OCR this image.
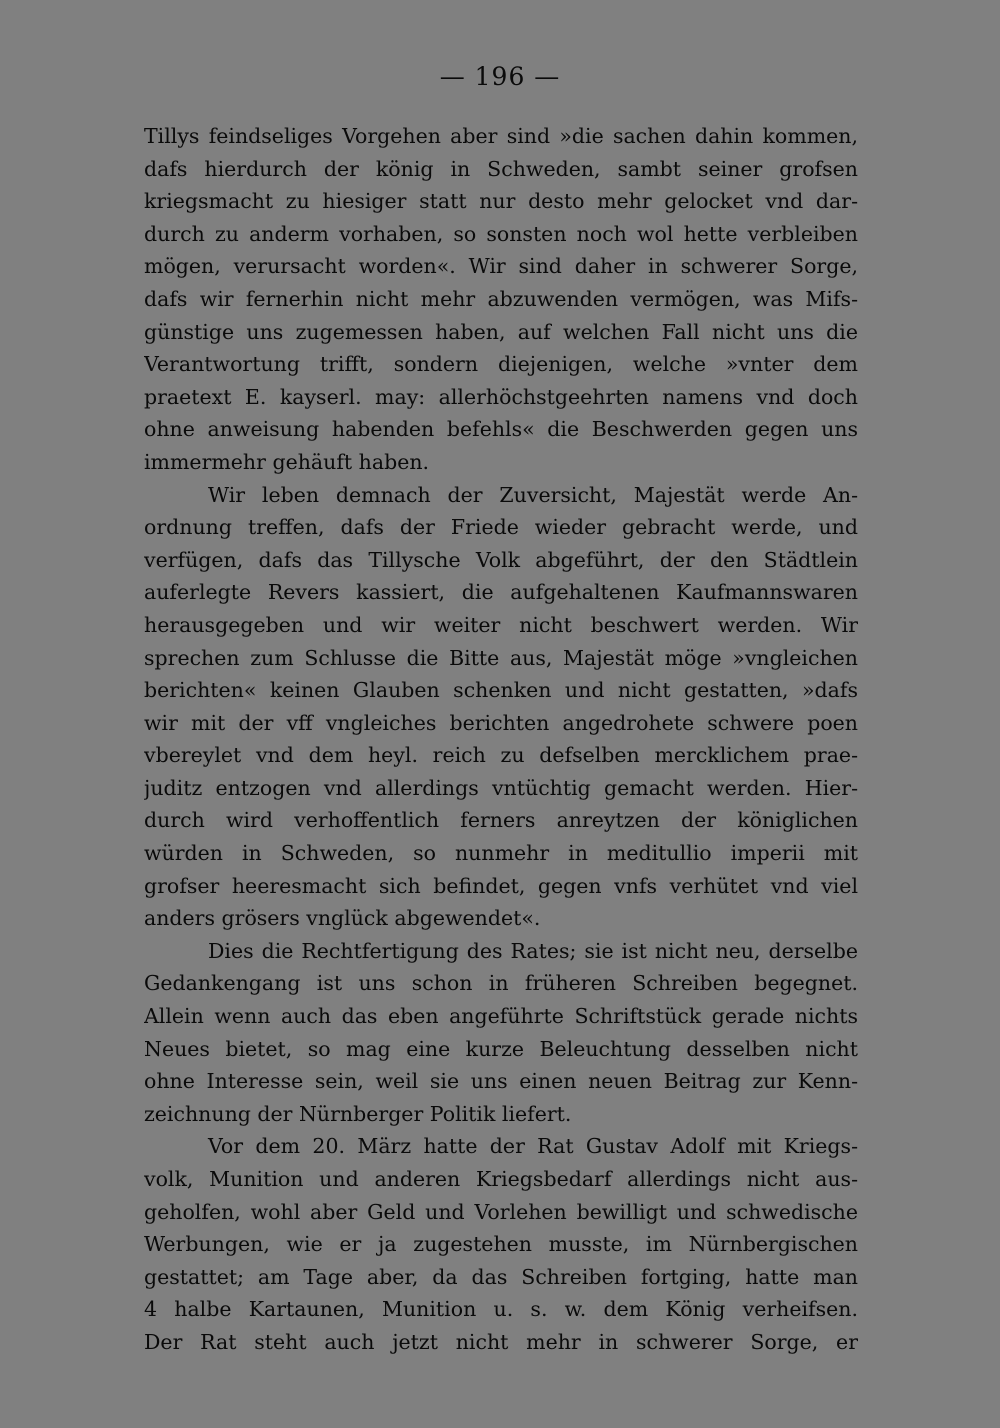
— 196 —
Tillys feindseliges Vorgehen aber sind »die sachen dahin kommen,
dafs hierdurch der könig in Schweden, sambt seiner grofsen
kriegsmacht zu hiesiger statt nur desto mehr gelocket vnd dar-
durch zu anderm vorhaben, so sonsten noch wol hette verbleiben
mögen, verursacht worden«. Wir sind daher in schwerer Sorge,
dafs wir fernerhin nicht mehr abzuwenden vermögen, was Mifs-
günstige uns zugemessen haben, auf welchen Fall nicht uns die
Verantwortung trifft, sondern diejenigen, welche »vnter dem
praetext E. kayserl. may: allerhöchstgeehrten namens vnd doch
ohne anweisung habenden befehls« die Beschwerden gegen uns
immermehr gehäuft haben.
Wir leben demnach der Zuversicht, Majestät werde An-
ordnung treffen, dafs der Friede wieder gebracht werde, und
verfügen, dafs das Tillysche Volk abgeführt, der den Städtlein
auferlegte Revers kassiert, die aufgehaltenen Kaufmannswaren
herausgegeben und wir weiter nicht beschwert werden. Wir
sprechen zum Schlusse die Bitte aus, Majestät möge »vngleichen
berichten« keinen Glauben schenken und nicht gestatten, »dafs
wir mit der vff vngleiches berichten angedrohete schwere poen
vbereylet vnd dem heyl. reich zu defselben mercklichem prae-
juditz entzogen vnd allerdings vntüchtig gemacht werden. Hier-
durch wird verhoffentlich ferners anreytzen der königlichen
würden in Schweden, so nunmehr in meditullio imperii mit
grofser heeresmacht sich befindet, gegen vnfs verhütet vnd viel
anders grösers vnglück abgewendet«.
Dies die Rechtfertigung des Rates; sie ist nicht neu, derselbe
Gedankengang ist uns schon in früheren Schreiben begegnet.
Allein wenn auch das eben angeführte Schriftstück gerade nichts
Neues bietet, so mag eine kurze Beleuchtung desselben nicht
ohne Interesse sein, weil sie uns einen neuen Beitrag zur Kenn-
zeichnung der Nürnberger Politik liefert.
Vor dem 20. März hatte der Rat Gustav Adolf mit Kriegs-
volk, Munition und anderen Kriegsbedarf allerdings nicht aus-
geholfen, wohl aber Geld und Vorlehen bewilligt und schwedische
Werbungen, wie er ja zugestehen musste, im Nürnbergischen
gestattet; am Tage aber, da das Schreiben fortging, hatte man
4 halbe Kartaunen, Munition u. s. w. dem König verheifsen.
Der Rat steht auch jetzt nicht mehr in schwerer Sorge, er
